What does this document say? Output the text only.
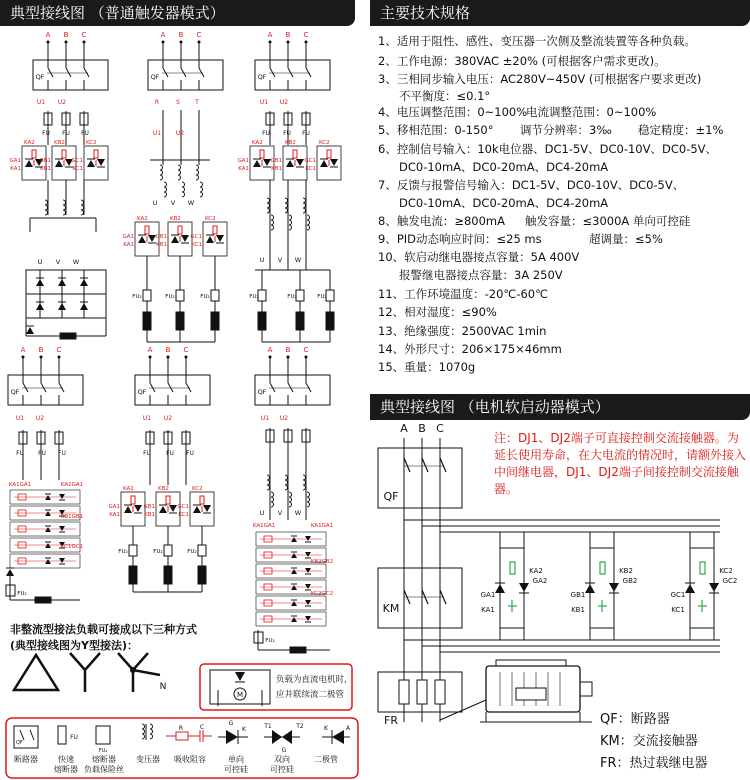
典型接线图 （普通触发器模式）	主要技术规格
典型接线图 （电机软启动器模式）
1、适用于阻性、感性、变压器一次侧及整流装置等各种负载。
2、工作电源：380VAC ±20% (可根据客户需求更改)。
3、三相同步输入电压：AC280V~450V (可根据客户要求更改)
不平衡度：≤0.1°
4、电压调整范围：0~100%
电流调整范围：0~100%
5、移相范围：0-150° 调节分辨率：3‰ 稳定精度：±1%
6、控制信号输入：10k电位器、DC1-5V、DC0-10V、DC0-5V、
DC0-10mA、DC0-20mA、DC4-20mA
7、反馈与报警信号输入：DC1-5V、DC0-10V、DC0-5V、
DC0-10mA、DC0-20mA、DC4-20mA
8、触发电流：≥800mA 触发容量：≤3000A 单向可控硅
9、PID动态响应时间：≤25 ms	超调量：≤5%
10、软启动继电器接点容量：5A 400V
报警继电器接点容量：3A 250V
11、工作环境温度：-20℃-60℃
12、相对湿度：≤90%
13、绝缘强度：2500VAC 1min
14、外形尺寸：206×175×46mm
15、重量：1070g
注：DJ1、DJ2端子可直接控制交流接触器。为延长使用寿命，在大电流的情况时，请额外接入中间继电器，DJ1、DJ2端子间接控制交流接触器。
QF：断路器
KM：交流接触器
FR：热过载继电器
非整流型接法负载可接成以下三种方式
(典型接线图为Y型接法)：
A B C
QF
U1 U2
FU FU FU
KA2
GA1
KA1
KB2
GB1
KB1
KC2
GC1
KC1
U V W
A B C
QF
R	S	T
U1 U2
U V W
KA2
GA1
KA1
KB2
GB1
KB1
KC2
GC1
KC1
FU₂	FU₂	FU₂
A B C
QF
U1 U2
FU FU FU
KA2
GA1
KA1
KB2
GB1
KB1
KC2
GC1
KC1
U V W
FU₂	FU₂	FU₂
A B C
QF
U1 U2
FU FU FU
KA1GA1	KA1GA1
KB1GB1
KC1GC1
FU₂
A B C
QF
U1 U2
FU	FU FU
KA2
GA1
KA1
KB2
GB1
KB1
KC2
GC1
KC1
FU₂	FU₂	FU₂
A B C
QF
U1 U2
U V W
KA1GA1	KA1GA1
KB2GB2
KC2GC2
FU₂
A B C
QF
KM
FR
GA1
KA1
KA2
GA2
GB1
KB1
KB2
GB2
GC1
KC1
KC2
GC2
N
M
负载为直流电机时，
应并联续流二极管
QF
FU
FU₂
R	C
G
K	T1	T2
G
K	A
断路器	快速
熔断器
熔断器
负载保险丝
变压器 吸收阻容	单向
可控硅
双向
可控硅
二极管
